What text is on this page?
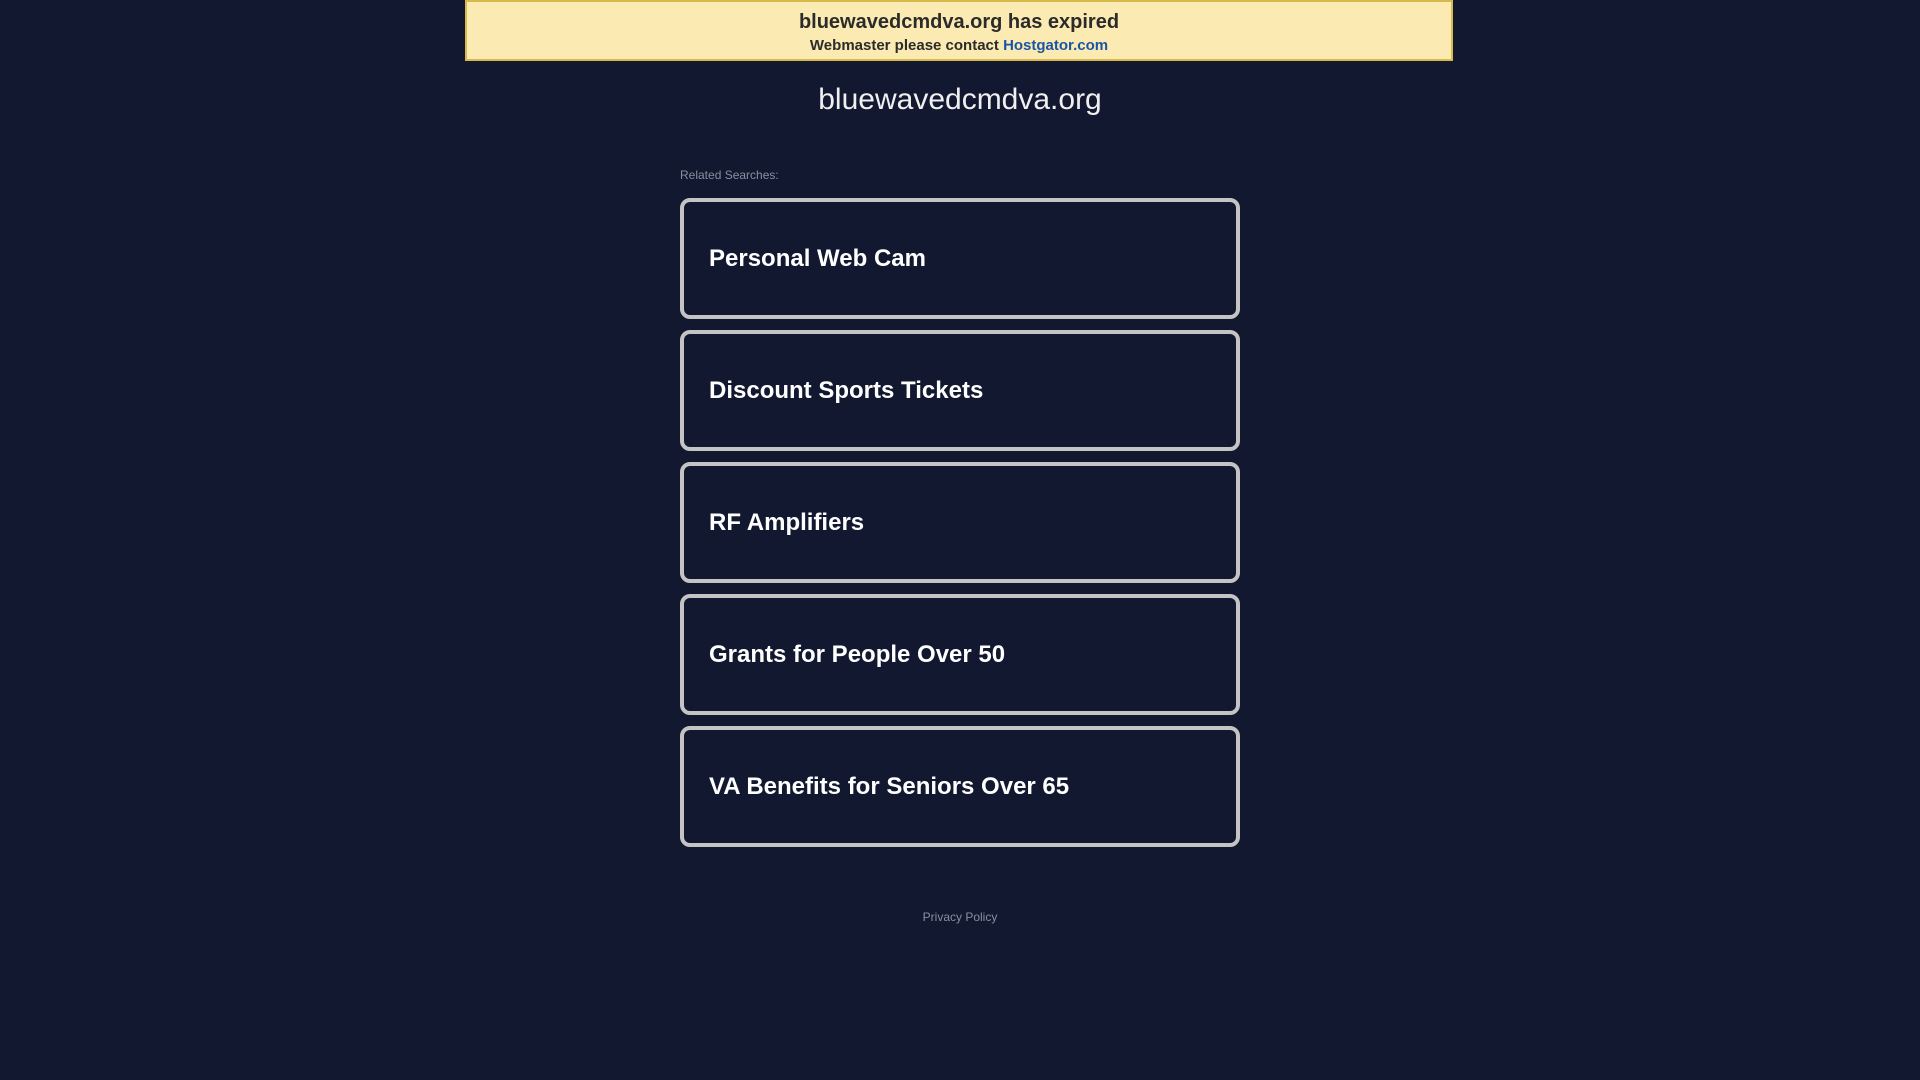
bluewavedcmdva.org has expired
Webmaster please contact Hostgator.com
bluewavedcmdva.org
Related Searches:
Personal Web Cam
Discount Sports Tickets
RF Amplifiers
Grants for People Over 50
VA Benefits for Seniors Over 65
Privacy Policy
